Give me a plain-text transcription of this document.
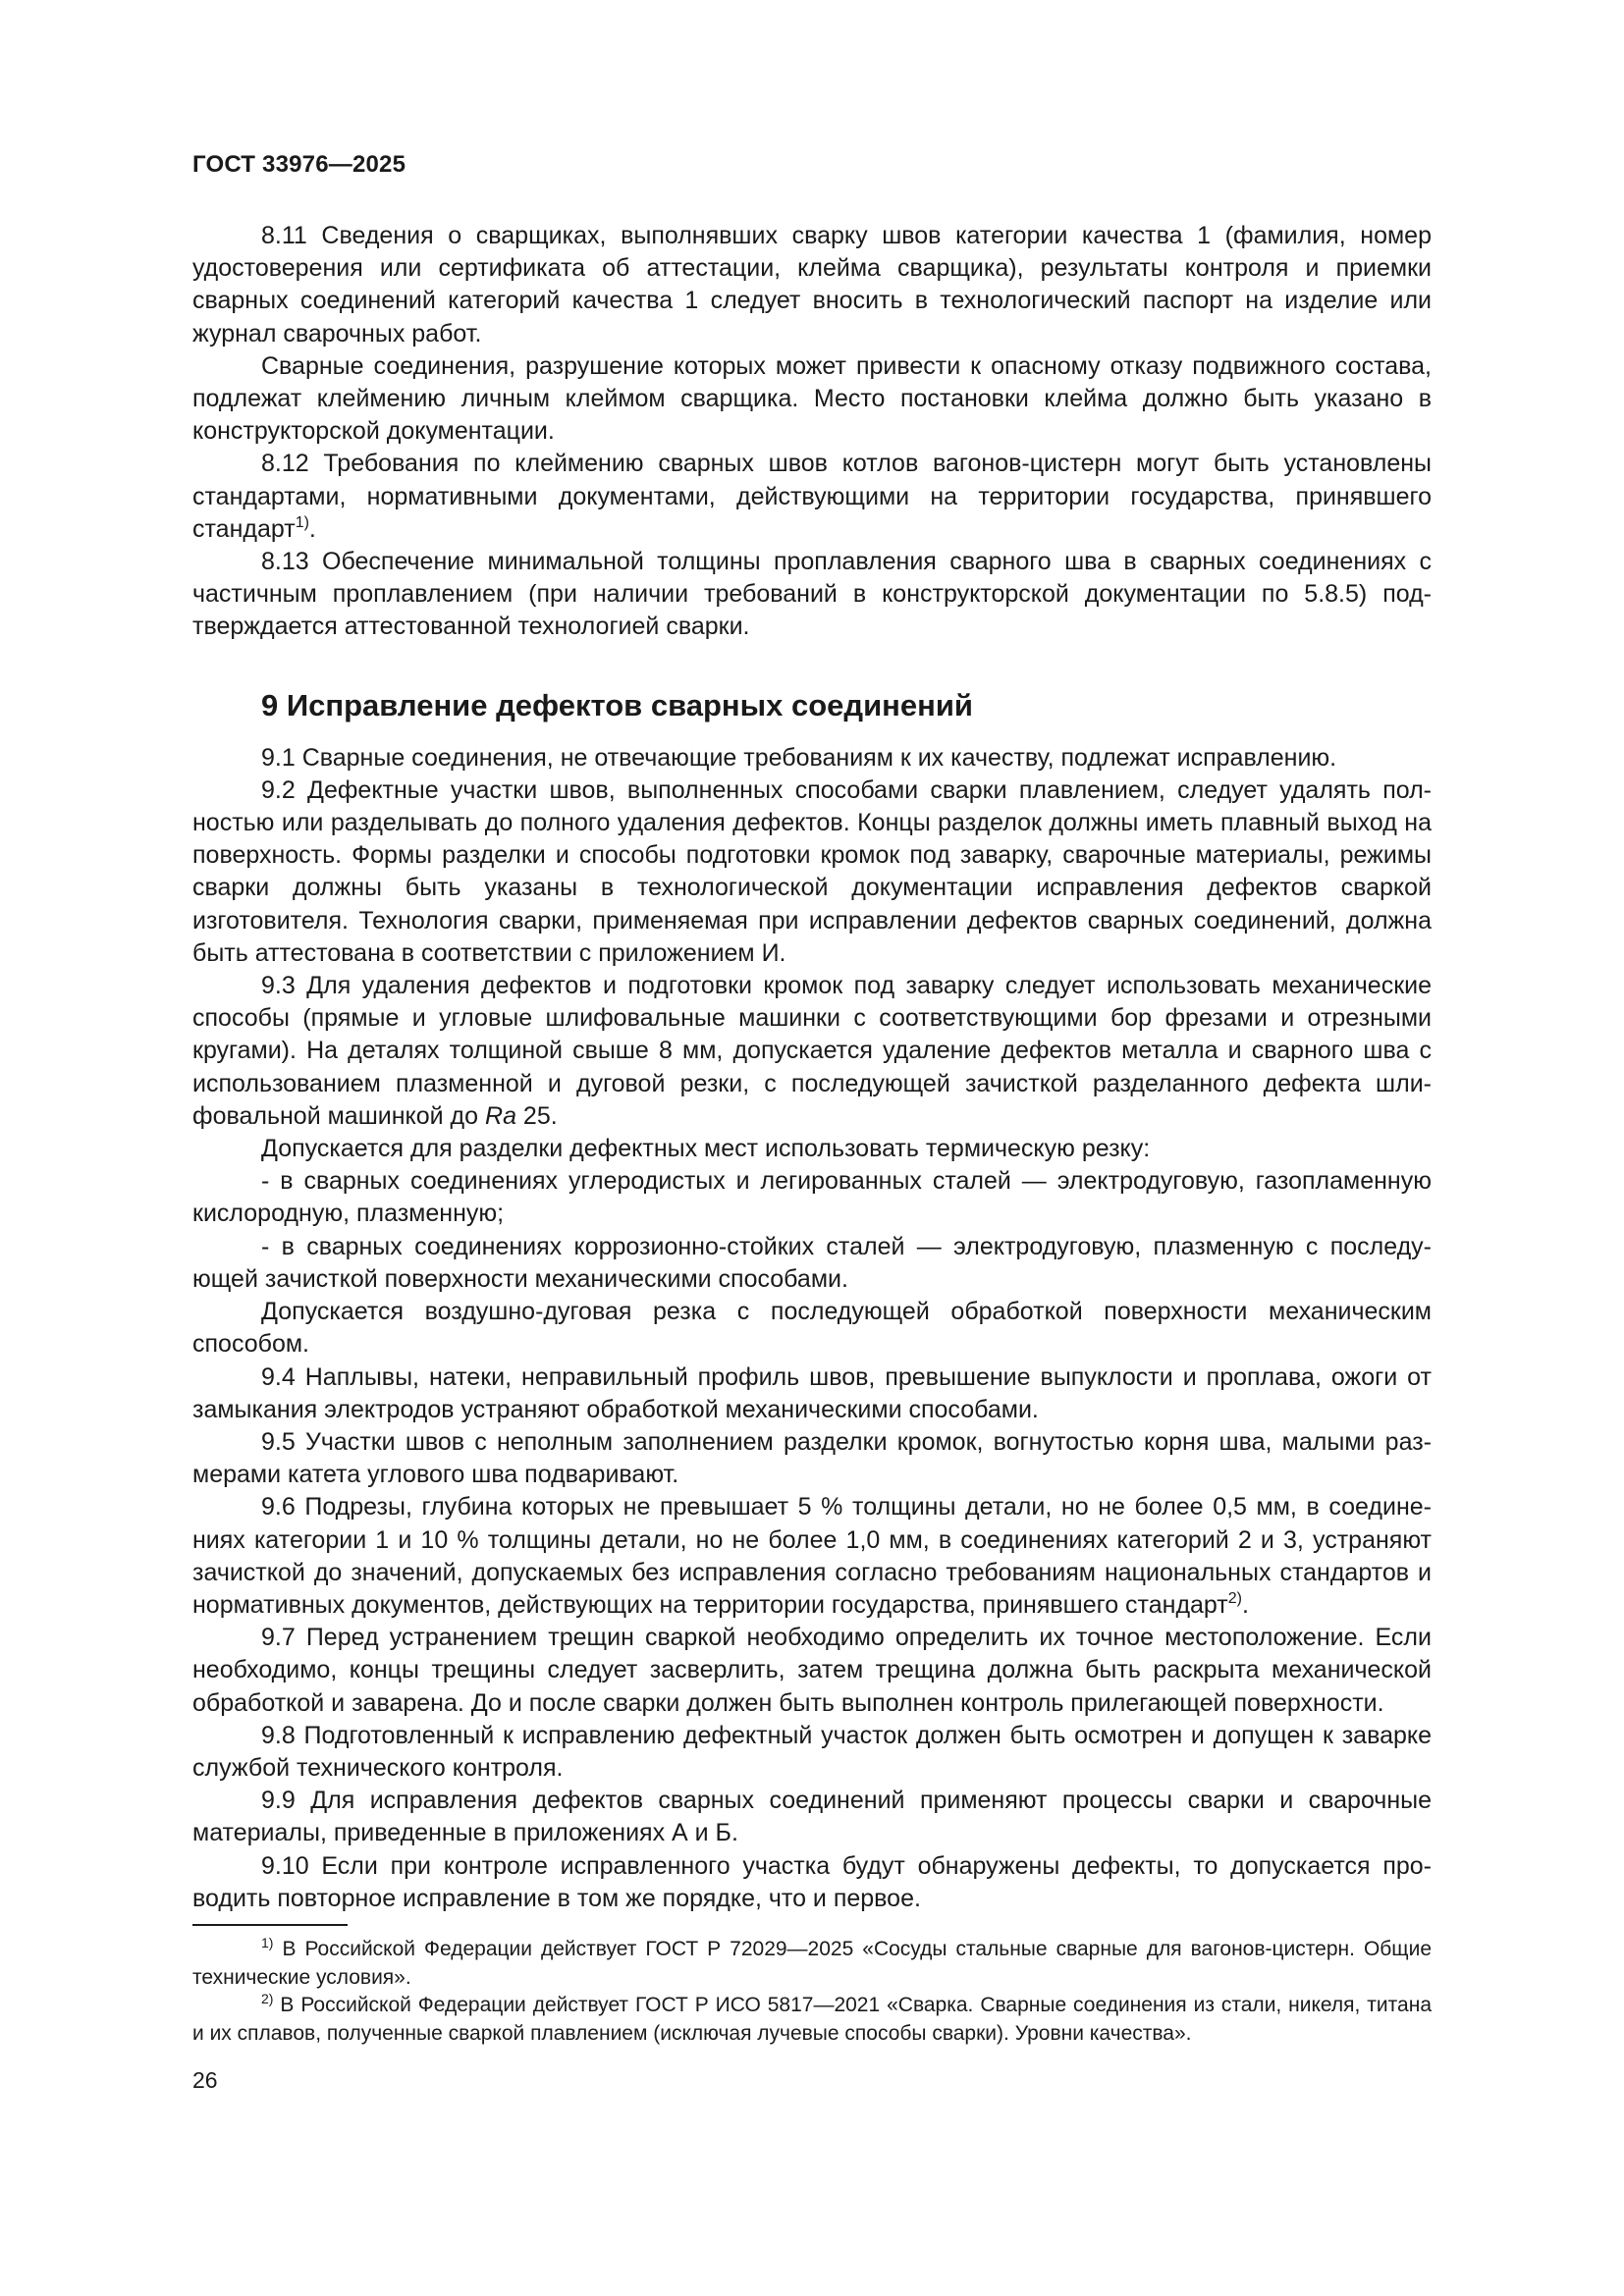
ГОСТ 33976—2025

8.11 Сведения о сварщиках, выполнявших сварку швов категории качества 1 (фамилия, номер удостоверения или сертификата об аттестации, клейма сварщика), результаты контроля и приемки сварных соединений категорий качества 1 следует вносить в технологический паспорт на изделие или журнал сварочных работ.

Сварные соединения, разрушение которых может привести к опасному отказу подвижного состава, подлежат клеймению личным клеймом сварщика. Место постановки клейма должно быть указано в конструкторской документации.

8.12 Требования по клеймению сварных швов котлов вагонов-цистерн могут быть установлены стандартами, нормативными документами, действующими на территории государства, принявшего стандарт$^{1)}$.

8.13 Обеспечение минимальной толщины проплавления сварного шва в сварных соединениях с частичным проплавлением (при наличии требований в конструкторской документации по 5.8.5) подтверждается аттестованной технологией сварки.

9 Исправление дефектов сварных соединений

9.1 Сварные соединения, не отвечающие требованиям к их качеству, подлежат исправлению.

9.2 Дефектные участки швов, выполненных способами сварки плавлением, следует удалять полностью или разделывать до полного удаления дефектов. Концы разделок должны иметь плавный выход на поверхность. Формы разделки и способы подготовки кромок под заварку, сварочные материалы, режимы сварки должны быть указаны в технологической документации исправления дефектов сваркой изготовителя. Технология сварки, применяемая при исправлении дефектов сварных соединений, должна быть аттестована в соответствии с приложением И.

9.3 Для удаления дефектов и подготовки кромок под заварку следует использовать механические способы (прямые и угловые шлифовальные машинки с соответствующими бор фрезами и отрезными кругами). На деталях толщиной свыше 8 мм, допускается удаление дефектов металла и сварного шва с использованием плазменной и дуговой резки, с последующей зачисткой разделанного дефекта шлифовальной машинкой до Ra 25.

Допускается для разделки дефектных мест использовать термическую резку:

- в сварных соединениях углеродистых и легированных сталей — электродуговую, газопламенную кислородную, плазменную;

- в сварных соединениях коррозионно-стойких сталей — электродуговую, плазменную с последующей зачисткой поверхности механическими способами.

Допускается воздушно-дуговая резка с последующей обработкой поверхности механическим способом.

9.4 Наплывы, натеки, неправильный профиль швов, превышение выпуклости и проплава, ожоги от замыкания электродов устраняют обработкой механическими способами.

9.5 Участки швов с неполным заполнением разделки кромок, вогнутостью корня шва, малыми размерами катета углового шва подваривают.

9.6 Подрезы, глубина которых не превышает 5 % толщины детали, но не более 0,5 мм, в соединениях категории 1 и 10 % толщины детали, но не более 1,0 мм, в соединениях категорий 2 и 3, устраняют зачисткой до значений, допускаемых без исправления согласно требованиям национальных стандартов и нормативных документов, действующих на территории государства, принявшего стандарт$^{2)}$.

9.7 Перед устранением трещин сваркой необходимо определить их точное местоположение. Если необходимо, концы трещины следует засверлить, затем трещина должна быть раскрыта механической обработкой и заварена. До и после сварки должен быть выполнен контроль прилегающей поверхности.

9.8 Подготовленный к исправлению дефектный участок должен быть осмотрен и допущен к заварке службой технического контроля.

9.9 Для исправления дефектов сварных соединений применяют процессы сварки и сварочные материалы, приведенные в приложениях А и Б.

9.10 Если при контроле исправленного участка будут обнаружены дефекты, то допускается проводить повторное исправление в том же порядке, что и первое.

$^{1)}$ В Российской Федерации действует ГОСТ Р 72029—2025 «Сосуды стальные сварные для вагонов-цистерн. Общие технические условия».

$^{2)}$ В Российской Федерации действует ГОСТ Р ИСО 5817—2021 «Сварка. Сварные соединения из стали, никеля, титана и их сплавов, полученные сваркой плавлением (исключая лучевые способы сварки). Уровни качества».

26
